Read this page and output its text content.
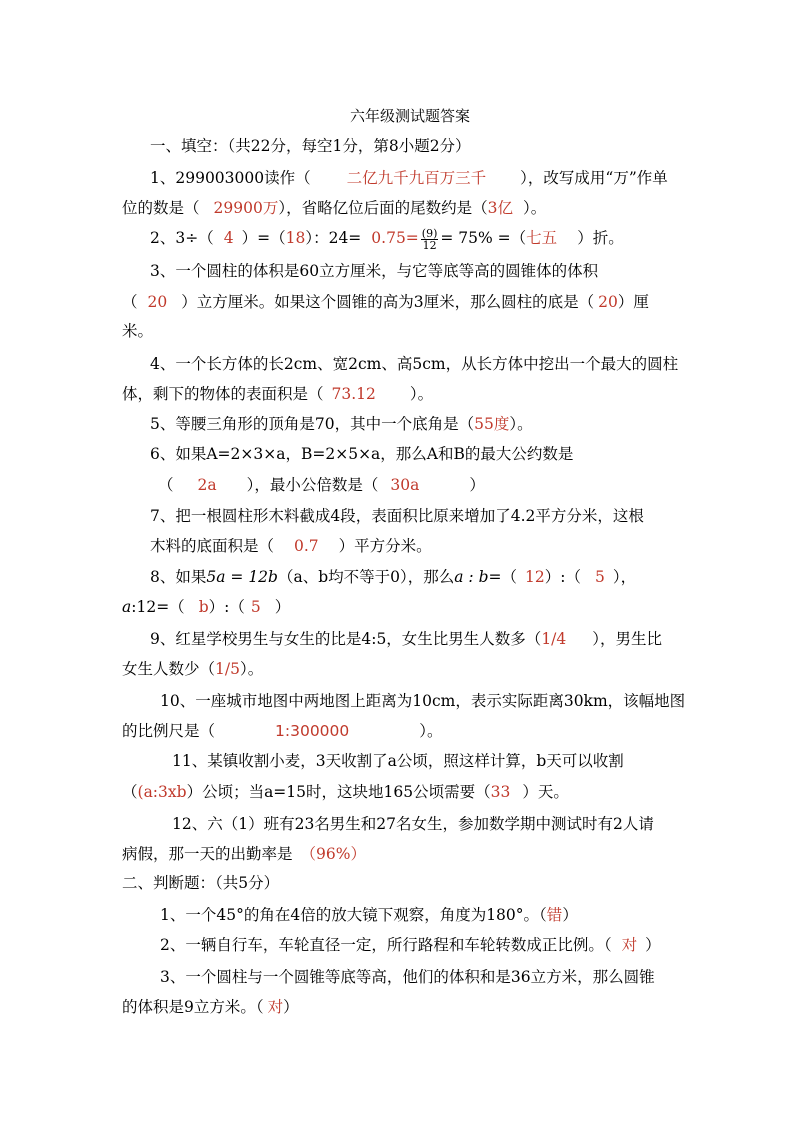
六年级测试题答案
一、填空：（共22分，每空1分，第8小题2分）
1、299003000读作（ 二亿九千九百万三千 ），改写成用“万”作单
位的数是（ 29900万），省略亿位后面的尾数约是（3亿 ）。
2、3÷（ 4 ）=（18）：$24= 0.75= \frac{(9)}{12} = 75\%$ =（七五 ）折。
3、一个圆柱的体积是60立方厘米，与它等底等高的圆锥体的体积
（ 20 ）立方厘米。如果这个圆锥的高为3厘米，那么圆柱的底是（ 20）厘
米。
4、一个长方体的长2cm、宽2cm、高5cm，从长方体中挖出一个最大的圆柱
体，剩下的物体的表面积是（ 73.12 ）。
5、等腰三角形的顶角是70，其中一个底角是（55度）。
6、如果A=2×3×a，B=2×5×a，那么A和B的最大公约数是
（ 2a ），最小公倍数是（ 30a	）
7、把一根圆柱形木料截成4段，表面积比原来增加了4.2平方分米，这根
木料的底面积是（ 0.7 ）平方分米。
8、如果5a = 12b（a、b均不等于0），那么a : b=（ 12）:（ 5 ），
a:12=（ b）:（ 5 ）
9、红星学校男生与女生的比是4:5，女生比男生人数多（1/4 ），男生比
女生人数少（1/5）。
10、一座城市地图中两地图上距离为10cm，表示实际距离30km，该幅地图
的比例尺是（	1:300000	）。
11、某镇收割小麦，3天收割了a公顷，照这样计算，b天可以收割
（(a:3xb）公顷；当a=15时，这块地165公顷需要（33 ）天。
12、六（1）班有23名男生和27名女生，参加数学期中测试时有2人请
病假，那一天的出勤率是 （96%）
二、判断题：（共5分）
1、一个45°的角在4倍的放大镜下观察，角度为180°。（错）
2、一辆自行车，车轮直径一定，所行路程和车轮转数成正比例。（ 对 ）
3、一个圆柱与一个圆锥等底等高，他们的体积和是36立方米，那么圆锥
的体积是9立方米。（ 对）
